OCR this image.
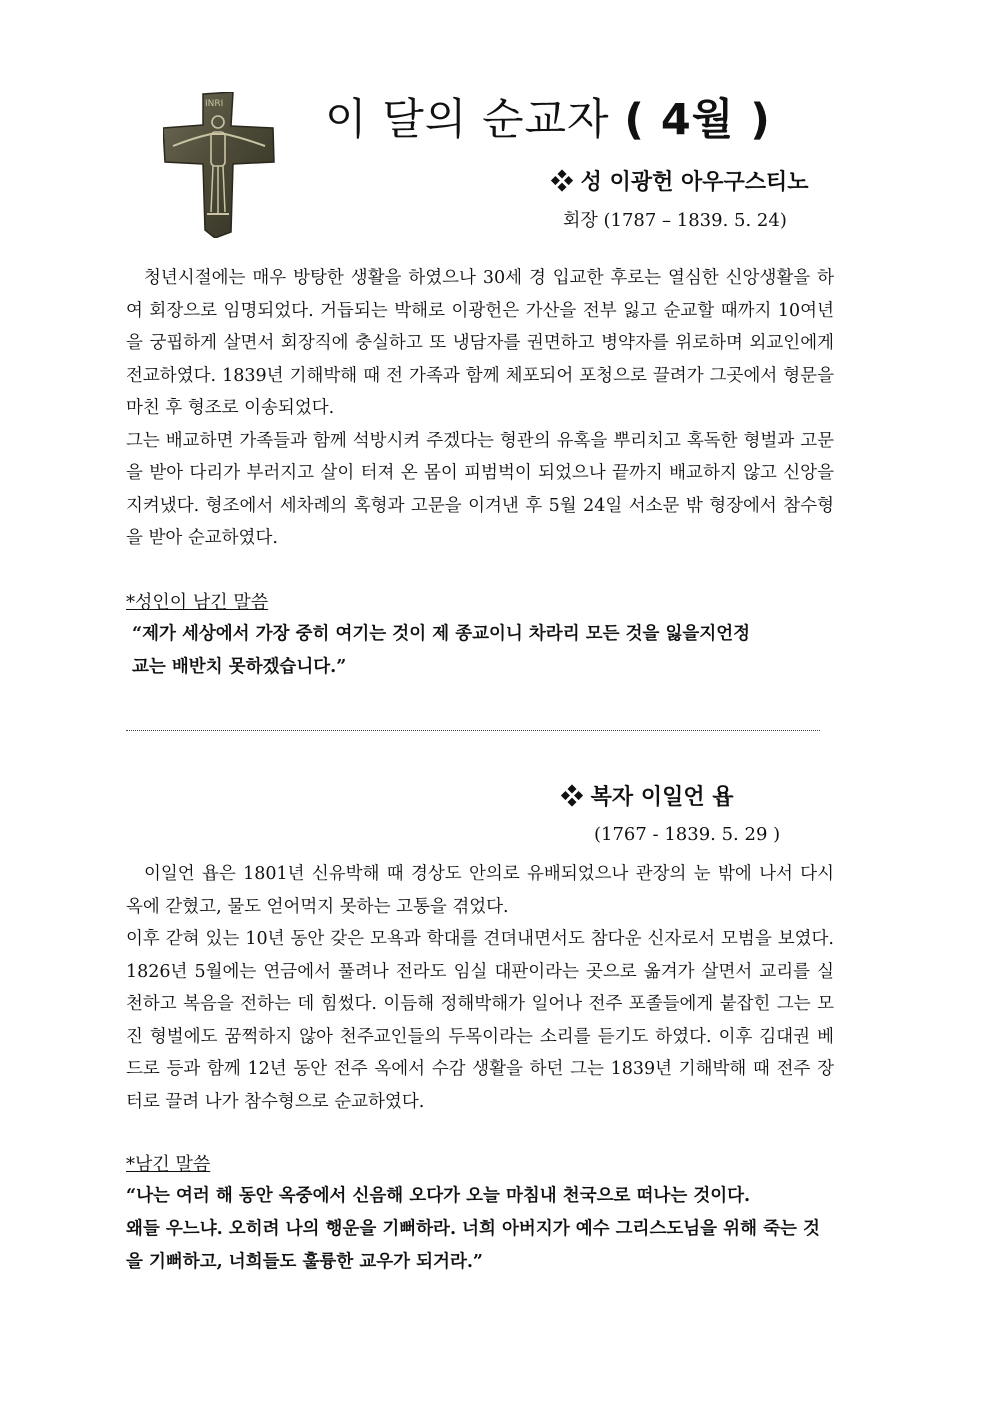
INRI 이 달의 순교자 ( 4월 )
❖ 성 이광헌 아우구스티노
회장 (1787 – 1839. 5. 24)

청년시절에는 매우 방탕한 생활을 하였으나 30세 경 입교한 후로는 열심한 신앙생활을 하여 회장으로 임명되었다. 거듭되는 박해로 이광헌은 가산을 전부 잃고 순교할 때까지 10여년을 궁핍하게 살면서 회장직에 충실하고 또 냉담자를 권면하고 병약자를 위로하며 외교인에게 전교하였다. 1839년 기해박해 때 전 가족과 함께 체포되어 포청으로 끌려가 그곳에서 형문을 마친 후 형조로 이송되었다.
그는 배교하면 가족들과 함께 석방시켜 주겠다는 형관의 유혹을 뿌리치고 혹독한 형벌과 고문을 받아 다리가 부러지고 살이 터져 온 몸이 피범벅이 되었으나 끝까지 배교하지 않고 신앙을 지켜냈다. 형조에서 세차례의 혹형과 고문을 이겨낸 후 5월 24일 서소문 밖 형장에서 참수형을 받아 순교하였다.

*성인이 남긴 말씀

“제가 세상에서 가장 중히 여기는 것이 제 종교이니 차라리 모든 것을 잃을지언정
교는 배반치 못하겠습니다.”

❖ 복자 이일언 욥
(1767 - 1839. 5. 29 )

이일언 욥은 1801년 신유박해 때 경상도 안의로 유배되었으나 관장의 눈 밖에 나서 다시 옥에 갇혔고, 물도 얻어먹지 못하는 고통을 겪었다.
이후 갇혀 있는 10년 동안 갖은 모욕과 학대를 견뎌내면서도 참다운 신자로서 모범을 보였다. 1826년 5월에는 연금에서 풀려나 전라도 임실 대판이라는 곳으로 옮겨가 살면서 교리를 실천하고 복음을 전하는 데 힘썼다. 이듬해 정해박해가 일어나 전주 포졸들에게 붙잡힌 그는 모진 형벌에도 꿈쩍하지 않아 천주교인들의 두목이라는 소리를 듣기도 하였다. 이후 김대권 베드로 등과 함께 12년 동안 전주 옥에서 수감 생활을 하던 그는 1839년 기해박해 때 전주 장터로 끌려 나가 참수형으로 순교하였다.

*남긴 말씀

“나는 여러 해 동안 옥중에서 신음해 오다가 오늘 마침내 천국으로 떠나는 것이다.
왜들 우느냐. 오히려 나의 행운을 기뻐하라. 너희 아버지가 예수 그리스도님을 위해 죽는 것을 기뻐하고, 너희들도 훌륭한 교우가 되거라.”
